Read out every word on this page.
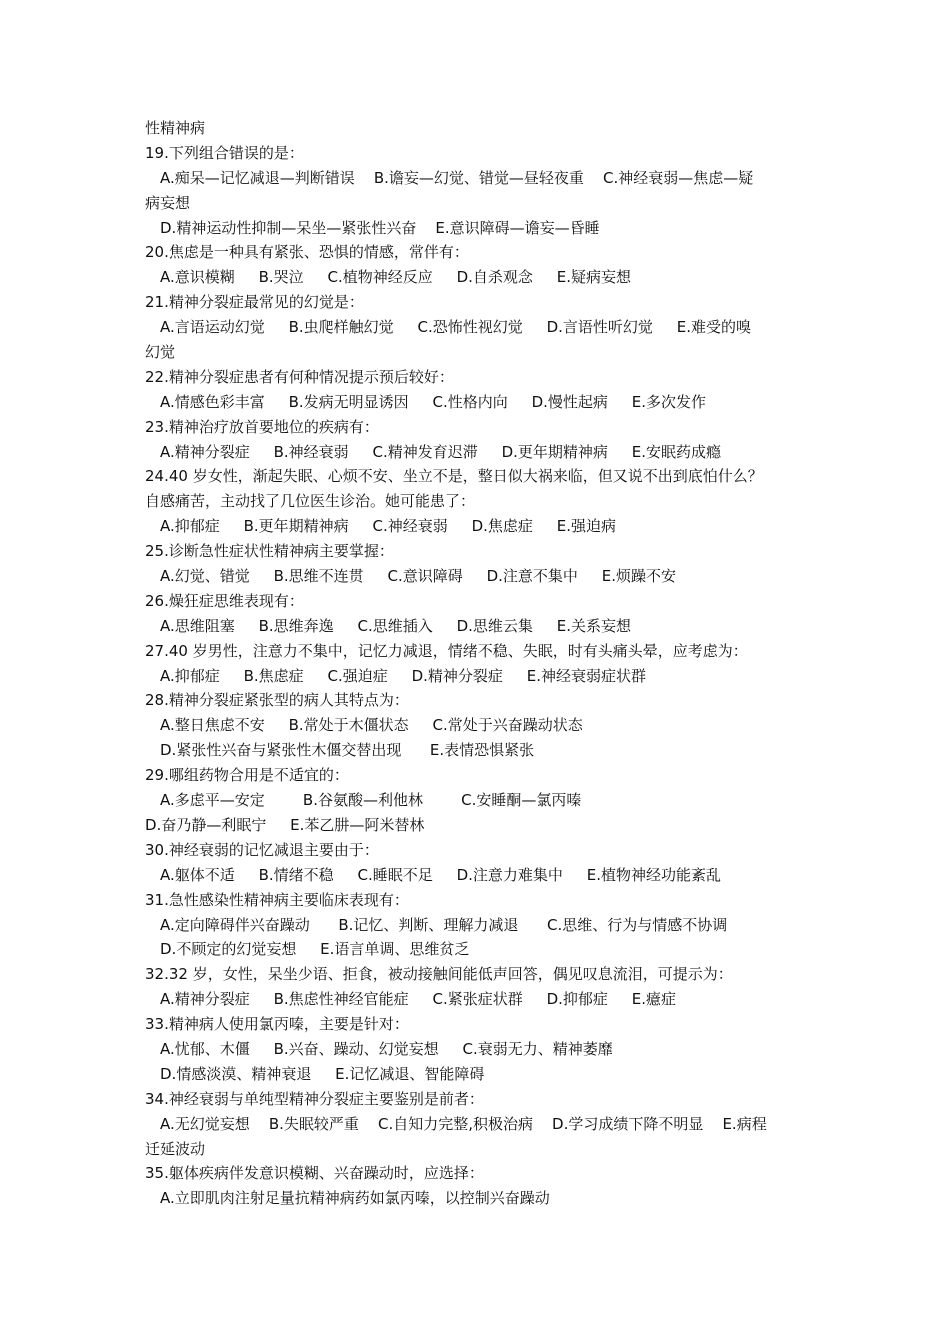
性精神病
19.下列组合错误的是：
A.痴呆—记忆减退—判断错误    B.谵妄—幻觉、错觉—昼轻夜重    C.神经衰弱—焦虑—疑
病妄想
D.精神运动性抑制—呆坐—紧张性兴奋    E.意识障碍—谵妄—昏睡
20.焦虑是一种具有紧张、恐惧的情感，常伴有：
A.意识模糊     B.哭泣     C.植物神经反应     D.自杀观念     E.疑病妄想
21.精神分裂症最常见的幻觉是：
A.言语运动幻觉     B.虫爬样触幻觉     C.恐怖性视幻觉     D.言语性听幻觉     E.难受的嗅
幻觉
22.精神分裂症患者有何种情况提示预后较好：
A.情感色彩丰富     B.发病无明显诱因     C.性格内向     D.慢性起病     E.多次发作
23.精神治疗放首要地位的疾病有：
A.精神分裂症     B.神经衰弱     C.精神发育迟滞     D.更年期精神病     E.安眠药成瘾
24.40 岁女性，渐起失眠、心烦不安、坐立不是，整日似大祸来临，但又说不出到底怕什么？
自感痛苦，主动找了几位医生诊治。她可能患了：
A.抑郁症     B.更年期精神病     C.神经衰弱     D.焦虑症     E.强迫病
25.诊断急性症状性精神病主要掌握：
A.幻觉、错觉     B.思维不连贯     C.意识障碍     D.注意不集中     E.烦躁不安
26.燥狂症思维表现有：
A.思维阻塞     B.思维奔逸     C.思维插入     D.思维云集     E.关系妄想
27.40 岁男性，注意力不集中，记忆力减退，情绪不稳、失眠，时有头痛头晕，应考虑为：
A.抑郁症     B.焦虑症     C.强迫症     D.精神分裂症     E.神经衰弱症状群
28.精神分裂症紧张型的病人其特点为：
A.整日焦虑不安     B.常处于木僵状态     C.常处于兴奋躁动状态
D.紧张性兴奋与紧张性木僵交替出现      E.表情恐惧紧张
29.哪组药物合用是不适宜的：
A.多虑平—安定        B.谷氨酸—利他林        C.安睡酮—氯丙嗪
D.奋乃静—利眠宁     E.苯乙肼—阿米替林
30.神经衰弱的记忆减退主要由于：
A.躯体不适     B.情绪不稳     C.睡眠不足     D.注意力难集中     E.植物神经功能紊乱
31.急性感染性精神病主要临床表现有：
A.定向障碍伴兴奋躁动      B.记忆、判断、理解力减退      C.思维、行为与情感不协调
D.不顾定的幻觉妄想     E.语言单调、思维贫乏
32.32 岁，女性，呆坐少语、拒食，被动接触间能低声回答，偶见叹息流泪，可提示为：
A.精神分裂症     B.焦虑性神经官能症     C.紧张症状群     D.抑郁症     E.癔症
33.精神病人使用氯丙嗪，主要是针对：
A.忧郁、木僵     B.兴奋、躁动、幻觉妄想     C.衰弱无力、精神萎靡
D.情感淡漠、精神衰退     E.记忆减退、智能障碍
34.神经衰弱与单纯型精神分裂症主要鉴别是前者：
A.无幻觉妄想    B.失眠较严重    C.自知力完整,积极治病    D.学习成绩下降不明显    E.病程
迁延波动
35.躯体疾病伴发意识模糊、兴奋躁动时，应选择：
A.立即肌肉注射足量抗精神病药如氯丙嗪，以控制兴奋躁动
